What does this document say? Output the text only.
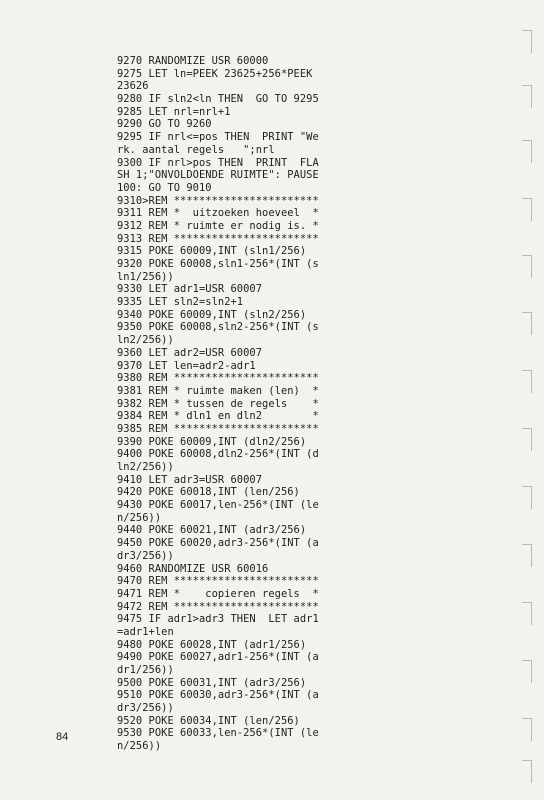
9270 RANDOMIZE USR 60000
9275 LET ln=PEEK 23625+256*PEEK
23626
9280 IF sln2<ln THEN  GO TO 9295
9285 LET nrl=nrl+1
9290 GO TO 9260
9295 IF nrl<=pos THEN  PRINT "We
rk. aantal regels   ";nrl
9300 IF nrl>pos THEN  PRINT  FLA
SH 1;"ONVOLDOENDE RUIMTE": PAUSE
100: GO TO 9010
9310>REM ***********************
9311 REM *  uitzoeken hoeveel  *
9312 REM * ruimte er nodig is. *
9313 REM ***********************
9315 POKE 60009,INT (sln1/256)
9320 POKE 60008,sln1-256*(INT (s
ln1/256))
9330 LET adr1=USR 60007
9335 LET sln2=sln2+1
9340 POKE 60009,INT (sln2/256)
9350 POKE 60008,sln2-256*(INT (s
ln2/256))
9360 LET adr2=USR 60007
9370 LET len=adr2-adr1
9380 REM ***********************
9381 REM * ruimte maken (len)  *
9382 REM * tussen de regels    *
9384 REM * dln1 en dln2        *
9385 REM ***********************
9390 POKE 60009,INT (dln2/256)
9400 POKE 60008,dln2-256*(INT (d
ln2/256))
9410 LET adr3=USR 60007
9420 POKE 60018,INT (len/256)
9430 POKE 60017,len-256*(INT (le
n/256))
9440 POKE 60021,INT (adr3/256)
9450 POKE 60020,adr3-256*(INT (a
dr3/256))
9460 RANDOMIZE USR 60016
9470 REM ***********************
9471 REM *    copieren regels  *
9472 REM ***********************
9475 IF adr1>adr3 THEN  LET adr1
=adr1+len
9480 POKE 60028,INT (adr1/256)
9490 POKE 60027,adr1-256*(INT (a
dr1/256))
9500 POKE 60031,INT (adr3/256)
9510 POKE 60030,adr3-256*(INT (a
dr3/256))
9520 POKE 60034,INT (len/256)
9530 POKE 60033,len-256*(INT (le
n/256))
84
